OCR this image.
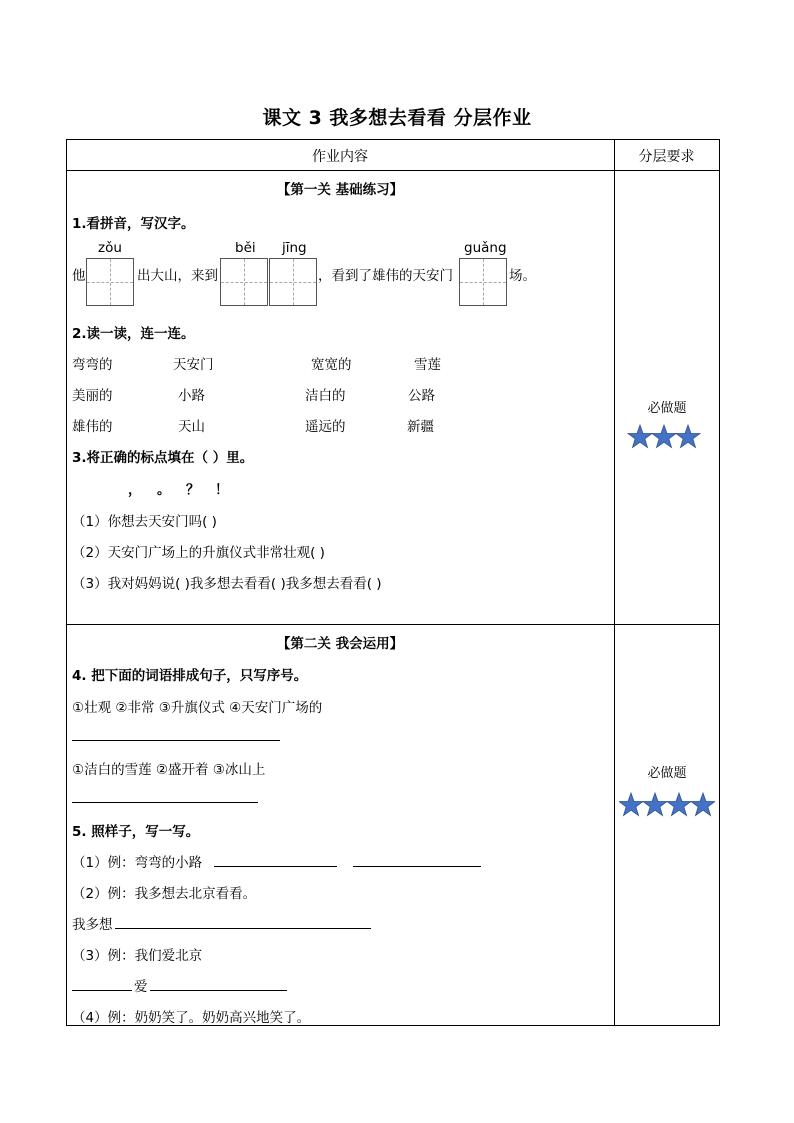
课文 3 我多想去看看 分层作业
作业内容	分层要求
【第一关 基础练习】
1.看拼音，写汉字。
zǒu	běi jīng	guǎng
他	出大山，来到	，看到了雄伟的天安门	场。
2.读一读，连一连。
弯弯的	天安门	宽宽的	雪莲
美丽的	小路	洁白的	公路
雄伟的	天山	遥远的	新疆
3.将正确的标点填在（ ）里。
， 。 ？ ！
（1）你想去天安门吗( )
（2）天安门广场上的升旗仪式非常壮观( )
（3）我对妈妈说( )我多想去看看( )我多想去看看( )
必做题
【第二关 我会运用】
4. 把下面的词语排成句子，只写序号。
①壮观 ②非常 ③升旗仪式 ④天安门广场的
①洁白的雪莲 ②盛开着 ③冰山上
5. 照样子，写一写。
（1）例：弯弯的小路
（2）例：我多想去北京看看。
我多想
（3）例：我们爱北京
爱
（4）例：奶奶笑了。奶奶高兴地笑了。
必做题
